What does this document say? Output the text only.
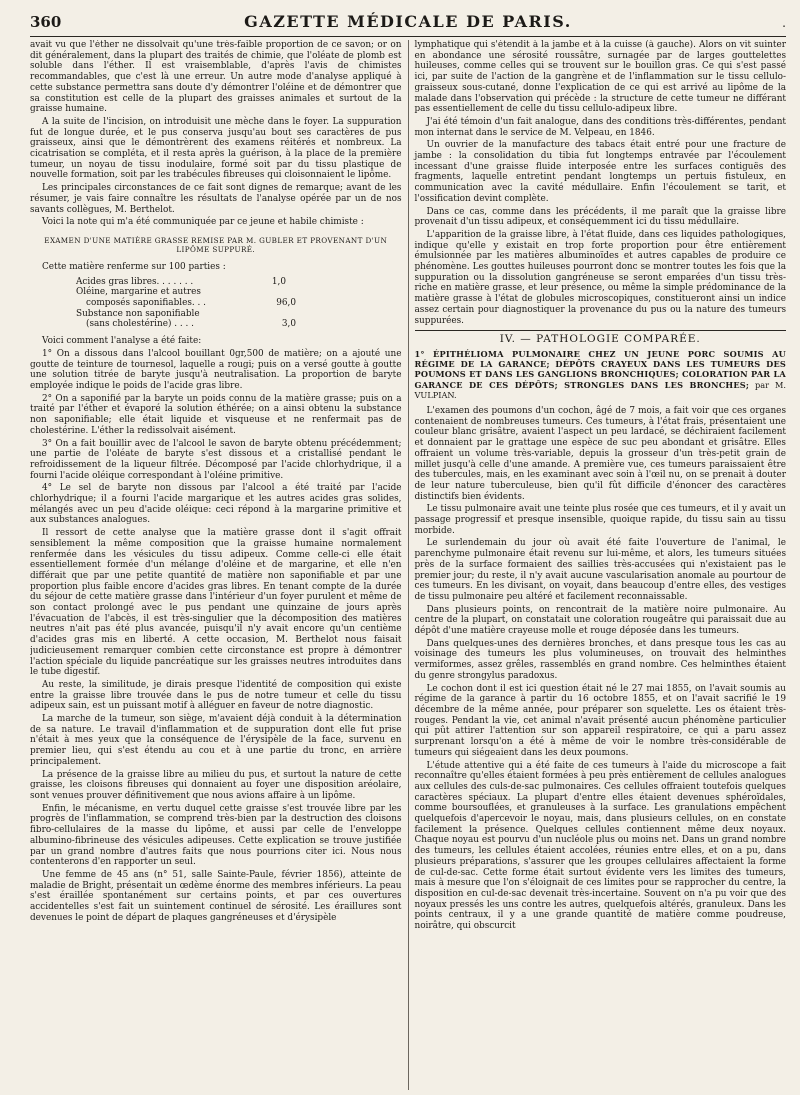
360	GAZETTE MÉDICALE DE PARIS.	.

avait vu que l'éther ne dissolvait qu'une très-faible proportion de ce savon; or on dit généralement, dans la plupart des traités de chimie, que l'oléate de plomb est soluble dans l'éther. Il est vraisemblable, d'après l'avis de chimistes recommandables, que c'est là une erreur. Un autre mode d'analyse appliqué à cette substance permettra sans doute d'y démontrer l'oléine et de démontrer que sa constitution est celle de la plupart des graisses animales et surtout de la graisse humaine.

A la suite de l'incision, on introduisit une mèche dans le foyer. La suppuration fut de longue durée, et le pus conserva jusqu'au bout ses caractères de pus graisseux, ainsi que le démontrèrent des examens réitérés et nombreux. La cicatrisation se compléta, et il resta après la guérison, à la place de la première tumeur, un noyau de tissu inodulaire, formé soit par du tissu plastique de nouvelle formation, soit par les trabécules fibreuses qui cloisonnaient le lipôme.

Les principales circonstances de ce fait sont dignes de remarque; avant de les résumer, je vais faire connaître les résultats de l'analyse opérée par un de nos savants collègues, M. Berthelot.

Voici la note qui m'a été communiquée par ce jeune et habile chimiste :

EXAMEN D'UNE MATIÈRE GRASSE REMISE PAR M. GUBLER ET PROVENANT D'UN LIPÔME SUPPURÉ.

Cette matière renferme sur 100 parties :

Acides gras libres. . . . . . .	1,0
Oléine, margarine et autres
composés saponifiables. . .	96,0
Substance non saponifiable
(sans cholestérine) . . . .	3,0

Voici comment l'analyse a été faite:

1° On a dissous dans l'alcool bouillant 0gr,500 de matière; on a ajouté une goutte de teinture de tournesol, laquelle a rougi; puis on a versé goutte à goutte une solution titrée de baryte jusqu'à neutralisation. La proportion de baryte employée indique le poids de l'acide gras libre.

2° On a saponifié par la baryte un poids connu de la matière grasse; puis on a traité par l'éther et évaporé la solution éthérée; on a ainsi obtenu la substance non saponifiable; elle était liquide et visqueuse et ne renfermait pas de cholestérine. L'éther la redissolvait aisément.

3° On a fait bouillir avec de l'alcool le savon de baryte obtenu précédemment; une partie de l'oléate de baryte s'est dissous et a cristallisé pendant le refroidissement de la liqueur filtrée. Décomposé par l'acide chlorhydrique, il a fourni l'acide oléique correspondant à l'oléine primitive.

4° Le sel de baryte non dissous par l'alcool a été traité par l'acide chlorhydrique; il a fourni l'acide margarique et les autres acides gras solides, mélangés avec un peu d'acide oléique: ceci répond à la margarine primitive et aux substances analogues.

Il ressort de cette analyse que la matière grasse dont il s'agit offrait sensiblement la même composition que la graisse humaine normalement renfermée dans les vésicules du tissu adipeux. Comme celle-ci elle était essentiellement formée d'un mélange d'oléine et de margarine, et elle n'en différait que par une petite quantité de matière non saponifiable et par une proportion plus faible encore d'acides gras libres. En tenant compte de la durée du séjour de cette matière grasse dans l'intérieur d'un foyer purulent et même de son contact prolongé avec le pus pendant une quinzaine de jours après l'évacuation de l'abcès, il est très-singulier que la décomposition des matières neutres n'ait pas été plus avancée, puisqu'il n'y avait encore qu'un centième d'acides gras mis en liberté. A cette occasion, M. Berthelot nous faisait judicieusement remarquer combien cette circonstance est propre à démontrer l'action spéciale du liquide pancréatique sur les graisses neutres introduites dans le tube digestif.

Au reste, la similitude, je dirais presque l'identité de composition qui existe entre la graisse libre trouvée dans le pus de notre tumeur et celle du tissu adipeux sain, est un puissant motif à alléguer en faveur de notre diagnostic.

La marche de la tumeur, son siège, m'avaient déjà conduit à la détermination de sa nature. Le travail d'inflammation et de suppuration dont elle fut prise n'était à mes yeux que la conséquence de l'érysipèle de la face, survenu en premier lieu, qui s'est étendu au cou et à une partie du tronc, en arrière principalement.

La présence de la graisse libre au milieu du pus, et surtout la nature de cette graisse, les cloisons fibreuses qui donnaient au foyer une disposition aréolaire, sont venues prouver définitivement que nous avions affaire à un lipôme.

Enfin, le mécanisme, en vertu duquel cette graisse s'est trouvée libre par les progrès de l'inflammation, se comprend très-bien par la destruction des cloisons fibro-cellulaires de la masse du lipôme, et aussi par celle de l'enveloppe albumino-fibrineuse des vésicules adipeuses. Cette explication se trouve justifiée par un grand nombre d'autres faits que nous pourrions citer ici. Nous nous contenterons d'en rapporter un seul.

Une femme de 45 ans (n° 51, salle Sainte-Paule, février 1856), atteinte de maladie de Bright, présentait un œdème énorme des membres inférieurs. La peau s'est éraillée spontanément sur certains points, et par ces ouvertures accidentelles s'est fait un suintement continuel de sérosité. Les éraillures sont devenues le point de départ de plaques gangréneuses et d'érysipèle

lymphatique qui s'étendit à la jambe et à la cuisse (à gauche). Alors on vit suinter en abondance une sérosité roussâtre, surnagée par de larges gouttelettes huileuses, comme celles qui se trouvent sur le bouillon gras. Ce qui s'est passé ici, par suite de l'action de la gangrène et de l'inflammation sur le tissu cellulo-graisseux sous-cutané, donne l'explication de ce qui est arrivé au lipôme de la malade dans l'observation qui précède : la structure de cette tumeur ne différant pas essentiellement de celle du tissu cellulo-adipeux libre.

J'ai été témoin d'un fait analogue, dans des conditions très-différentes, pendant mon internat dans le service de M. Velpeau, en 1846.

Un ouvrier de la manufacture des tabacs était entré pour une fracture de jambe : la consolidation du tibia fut longtemps entravée par l'écoulement incessant d'une graisse fluide interposée entre les surfaces contiguës des fragments, laquelle entretint pendant longtemps un pertuis fistuleux, en communication avec la cavité médullaire. Enfin l'écoulement se tarit, et l'ossification devint complète.

Dans ce cas, comme dans les précédents, il me paraît que la graisse libre provenait d'un tissu adipeux, et conséquemment ici du tissu médullaire.

L'apparition de la graisse libre, à l'état fluide, dans ces liquides pathologiques, indique qu'elle y existait en trop forte proportion pour être entièrement émulsionnée par les matières albuminoïdes et autres capables de produire ce phénomène. Les gouttes huileuses pourront donc se montrer toutes les fois que la suppuration ou la dissolution gangréneuse se seront emparées d'un tissu très-riche en matière grasse, et leur présence, ou même la simple prédominance de la matière grasse à l'état de globules microscopiques, constitueront ainsi un indice assez certain pour diagnostiquer la provenance du pus ou la nature des tumeurs suppurées.

IV. — PATHOLOGIE COMPARÉE.

1° ÉPITHÉLIOMA PULMONAIRE CHEZ UN JEUNE PORC SOUMIS AU RÉGIME DE LA GARANCE; DÉPÔTS CRAYEUX DANS LES TUMEURS DES POUMONS ET DANS LES GANGLIONS BRONCHIQUES; COLORATION PAR LA GARANCE DE CES DÉPÔTS; STRONGLES DANS LES BRONCHES; par M. VULPIAN.

L'examen des poumons d'un cochon, âgé de 7 mois, a fait voir que ces organes contenaient de nombreuses tumeurs. Ces tumeurs, à l'état frais, présentaient une couleur blanc grisâtre, avaient l'aspect un peu lardacé, se déchiraient facilement et donnaient par le grattage une espèce de suc peu abondant et grisâtre. Elles offraient un volume très-variable, depuis la grosseur d'un très-petit grain de millet jusqu'à celle d'une amande. A première vue, ces tumeurs paraissaient être des tubercules, mais, en les examinant avec soin à l'œil nu, on se prenait à douter de leur nature tuberculeuse, bien qu'il fût difficile d'énoncer des caractères distinctifs bien évidents.

Le tissu pulmonaire avait une teinte plus rosée que ces tumeurs, et il y avait un passage progressif et presque insensible, quoique rapide, du tissu sain au tissu morbide.

Le surlendemain du jour où avait été faite l'ouverture de l'animal, le parenchyme pulmonaire était revenu sur lui-même, et alors, les tumeurs situées près de la surface formaient des saillies très-accusées qui n'existaient pas le premier jour; du reste, il n'y avait aucune vascularisation anomale au pourtour de ces tumeurs. En les divisant, on voyait, dans beaucoup d'entre elles, des vestiges de tissu pulmonaire peu altéré et facilement reconnaissable.

Dans plusieurs points, on rencontrait de la matière noire pulmonaire. Au centre de la plupart, on constatait une coloration rougeâtre qui paraissait due au dépôt d'une matière crayeuse molle et rouge déposée dans les tumeurs.

Dans quelques-unes des dernières bronches, et dans presque tous les cas au voisinage des tumeurs les plus volumineuses, on trouvait des helminthes vermiformes, assez grêles, rassemblés en grand nombre. Ces helminthes étaient du genre strongylus paradoxus.

Le cochon dont il est ici question était né le 27 mai 1855, on l'avait soumis au régime de la garance à partir du 16 octobre 1855, et on l'avait sacrifié le 19 décembre de la même année, pour préparer son squelette. Les os étaient très-rouges. Pendant la vie, cet animal n'avait présenté aucun phénomène particulier qui pût attirer l'attention sur son appareil respiratoire, ce qui a paru assez surprenant lorsqu'on a été à même de voir le nombre très-considérable de tumeurs qui siégeaient dans les deux poumons.

L'étude attentive qui a été faite de ces tumeurs à l'aide du microscope a fait reconnaître qu'elles étaient formées à peu près entièrement de cellules analogues aux cellules des culs-de-sac pulmonaires. Ces cellules offraient toutefois quelques caractères spéciaux. La plupart d'entre elles étaient devenues sphéroïdales, comme boursouflées, et granuleuses à la surface. Les granulations empêchent quelquefois d'apercevoir le noyau, mais, dans plusieurs cellules, on en constate facilement la présence. Quelques cellules contiennent même deux noyaux. Chaque noyau est pourvu d'un nucléole plus ou moins net. Dans un grand nombre des tumeurs, les cellules étaient accolées, réunies entre elles, et on a pu, dans plusieurs préparations, s'assurer que les groupes cellulaires affectaient la forme de cul-de-sac. Cette forme était surtout évidente vers les limites des tumeurs, mais à mesure que l'on s'éloignait de ces limites pour se rapprocher du centre, la disposition en cul-de-sac devenait très-incertaine. Souvent on n'a pu voir que des noyaux pressés les uns contre les autres, quelquefois altérés, granuleux. Dans les points centraux, il y a une grande quantité de matière comme poudreuse, noirâtre, qui obscurcit
